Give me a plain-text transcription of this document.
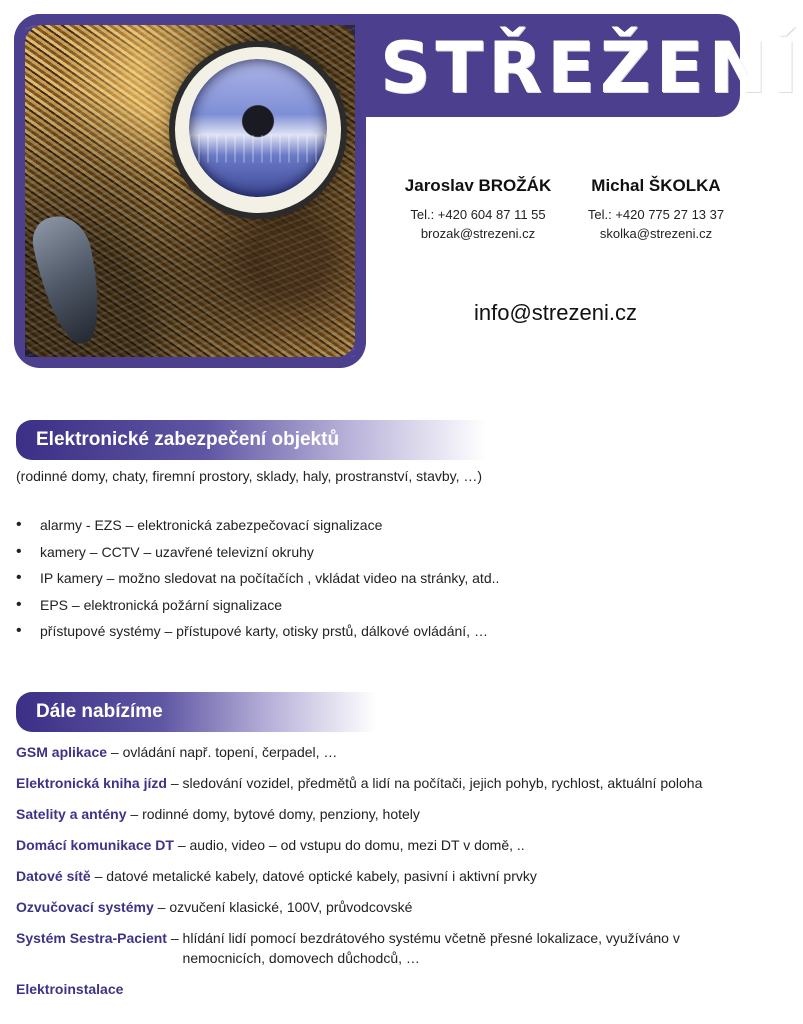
STŘEŽENÍ
Jaroslav BROŽÁK
Tel.: +420 604 87 11 55
brozak@strezeni.cz
Michal ŠKOLKA
Tel.: +420 775 27 13 37
skolka@strezeni.cz
info@strezeni.cz
Elektronické zabezpečení objektů
(rodinné domy, chaty, firemní prostory, sklady, haly, prostranství, stavby, …)
• alarmy - EZS – elektronická zabezpečovací signalizace
• kamery – CCTV – uzavřené televizní okruhy
• IP kamery – možno sledovat na počítačích , vkládat video na stránky, atd..
• EPS – elektronická požární signalizace
• přístupové systémy – přístupové karty, otisky prstů, dálkové ovládání, …
Dále nabízíme
GSM aplikace – ovládání např. topení, čerpadel, …
Elektronická kniha jízd – sledování vozidel, předmětů a lidí na počítači, jejich pohyb, rychlost, aktuální poloha
Satelity a antény – rodinné domy, bytové domy, penziony, hotely
Domácí komunikace DT – audio, video – od vstupu do domu, mezi DT v domě, ..
Datové sítě – datové metalické kabely, datové optické kabely, pasivní i aktivní prvky
Ozvučovací systémy – ozvučení klasické, 100V, průvodcovské
Systém Sestra-Pacient – hlídání lidí pomocí bezdrátového systému včetně přesné lokalizace, využíváno v nemocnicích, domovech důchodců, …
Elektroinstalace
